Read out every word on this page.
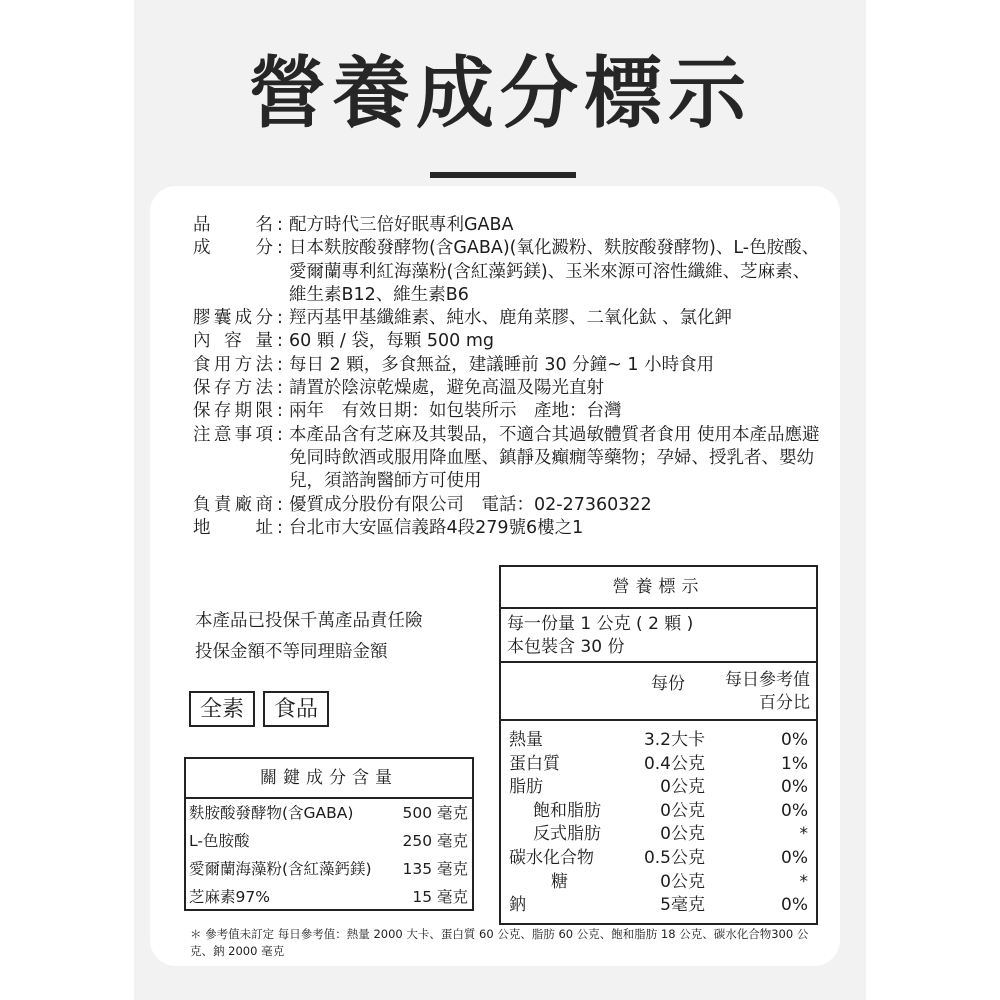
營養成分標示
品　　名 : 配方時代三倍好眠專利GABA
成　　分 : 日本麩胺酸發酵物(含GABA)(氧化澱粉、麩胺酸發酵物)、L-色胺酸、愛爾蘭專利紅海藻粉(含紅藻鈣鎂)、玉米來源可溶性纖維、芝麻素、維生素B12、維生素B6
膠囊成分 : 羥丙基甲基纖維素、純水、鹿角菜膠、二氧化鈦 、氯化鉀
內 容 量 : 60 顆 / 袋，每顆 500 mg
食用方法 : 每日 2 顆，多食無益，建議睡前 30 分鐘~ 1 小時食用
保存方法 : 請置於陰涼乾燥處，避免高溫及陽光直射
保存期限 : 兩年　有效日期：如包裝所示　產地：台灣
注意事項 : 本產品含有芝麻及其製品，不適合其過敏體質者食用 使用本產品應避免同時飲酒或服用降血壓、鎮靜及癲癇等藥物；孕婦、授乳者、嬰幼兒，須諮詢醫師方可使用
負責廠商 : 優質成分股份有限公司　電話：02-27360322
地　　址 : 台北市大安區信義路4段279號6樓之1
本產品已投保千萬產品責任險
投保金額不等同理賠金額
全素	食品
關鍵成分含量
麩胺酸發酵物(含GABA)	500 毫克
L-色胺酸	250 毫克
愛爾蘭海藻粉(含紅藻鈣鎂) 135 毫克
芝麻素97%	15 毫克
營養標示
每一份量 1 公克 ( 2 顆 )
本包裝含 30 份
每份 每日參考值
百分比
熱量	3.2大卡	0%
蛋白質	0.4公克	1%
脂肪	0公克	0%
飽和脂肪	0公克	0%
反式脂肪	0公克	*
碳水化合物	0.5公克	0%
糖	0公克	*
鈉	5毫克	0%
＊ 參考值未訂定 每日參考值：熱量 2000 大卡、蛋白質 60 公克、脂肪 60 公克、飽和脂肪 18 公克、碳水化合物300 公克、鈉 2000 毫克
